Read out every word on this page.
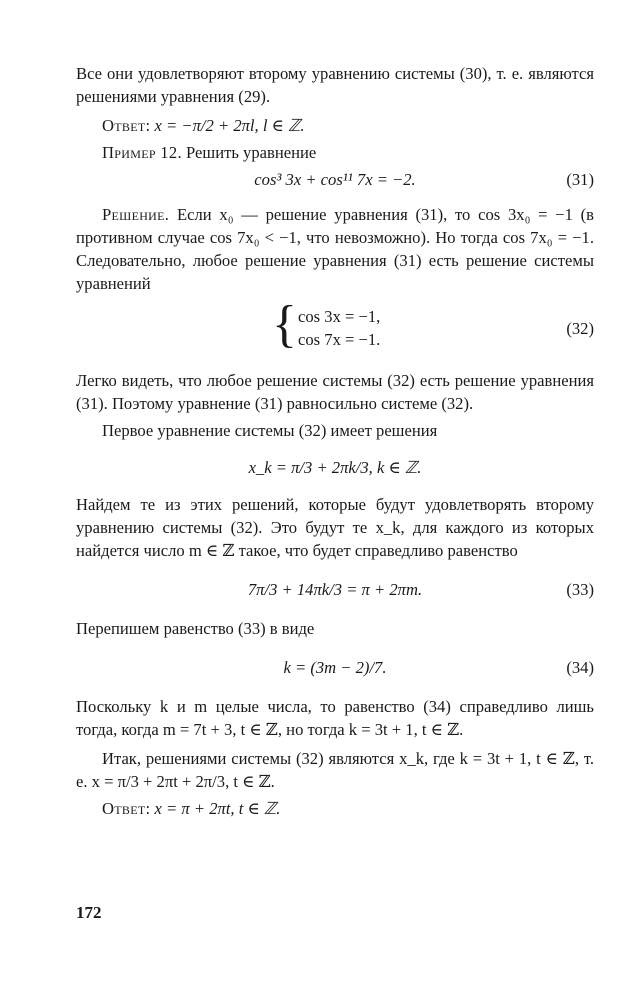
Все они удовлетворяют второму уравнению системы (30), т. е. являются решениями уравнения (29).

Ответ: x = −π/2 + 2πl, l ∈ ℤ.

Пример 12. Решить уравнение

cos³ 3x + cos¹¹ 7x = −2.	(31)

Решение. Если x₀ — решение уравнения (31), то cos 3x₀ = −1 (в противном случае cos 7x₀ < −1, что невозможно). Но тогда cos 7x₀ = −1. Следовательно, любое решение уравнения (31) есть решение системы уравнений

{ cos 3x = −1,
cos 7x = −1.
(32)

Легко видеть, что любое решение системы (32) есть решение уравнения (31). Поэтому уравнение (31) равносильно системе (32).

Первое уравнение системы (32) имеет решения

x_k = π/3 + 2πk/3, k ∈ ℤ.

Найдем те из этих решений, которые будут удовлетворять второму уравнению системы (32). Это будут те x_k, для каждого из которых найдется число m ∈ ℤ такое, что будет справедливо равенство

7π/3 + 14πk/3 = π + 2πm.	(33)

Перепишем равенство (33) в виде

k = (3m − 2)/7.	(34)

Поскольку k и m целые числа, то равенство (34) справедливо лишь тогда, когда m = 7t + 3, t ∈ ℤ, но тогда k = 3t + 1, t ∈ ℤ.

Итак, решениями системы (32) являются x_k, где k = 3t + 1, t ∈ ℤ, т. е. x = π/3 + 2πt + 2π/3, t ∈ ℤ.

Ответ: x = π + 2πt, t ∈ ℤ.

172
